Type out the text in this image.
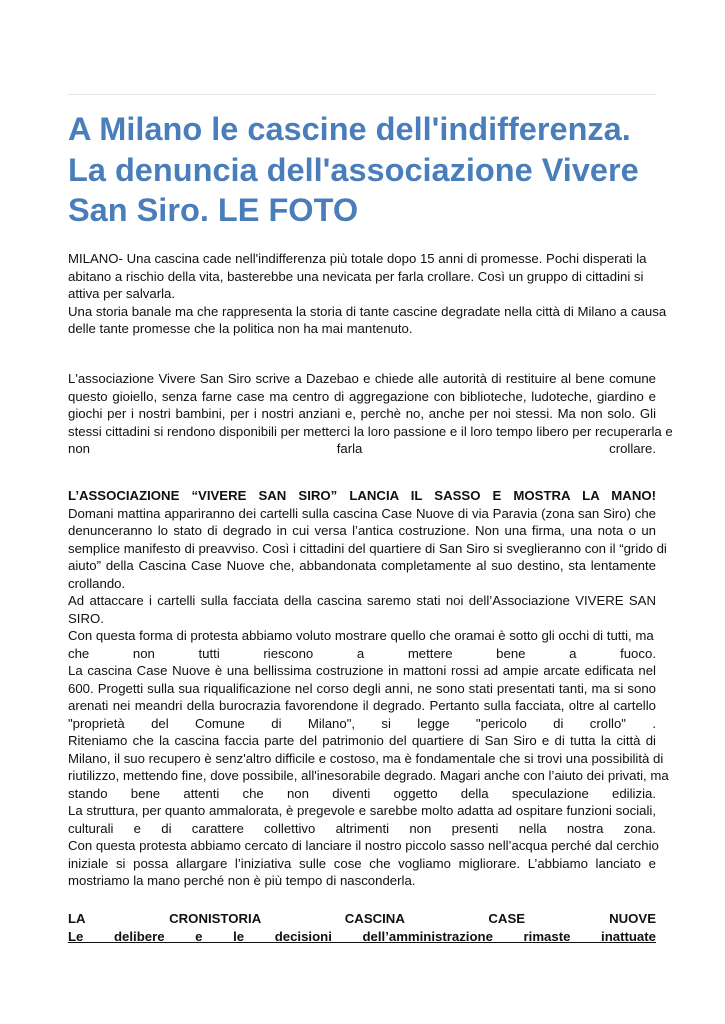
A Milano le cascine dell'indifferenza.
La denuncia dell'associazione Vivere
San Siro. LE FOTO
MILANO- Una cascina cade nell'indifferenza più totale dopo 15 anni di promesse. Pochi disperati la
abitano a rischio della vita, basterebbe una nevicata per farla crollare. Così un gruppo di cittadini si
attiva per salvarla.
Una storia banale ma che rappresenta la storia di tante cascine degradate nella città di Milano a causa
delle tante promesse che la politica non ha mai mantenuto.
L'associazione Vivere San Siro scrive a Dazebao e chiede alle autorità di restituire al bene comune
questo gioiello, senza farne case ma centro di aggregazione con biblioteche, ludoteche, giardino e
giochi per i nostri bambini, per i nostri anziani e, perchè no, anche per noi stessi. Ma non solo. Gli
stessi cittadini si rendono disponibili per metterci la loro passione e il loro tempo libero per recuperarla e
non farla crollare.
L’ASSOCIAZIONE “VIVERE SAN SIRO” LANCIA IL SASSO E MOSTRA LA MANO!
Domani mattina appariranno dei cartelli sulla cascina Case Nuove di via Paravia (zona san Siro) che
denunceranno lo stato di degrado in cui versa l’antica costruzione. Non una firma, una nota o un
semplice manifesto di preavviso. Così i cittadini del quartiere di San Siro si sveglieranno con il “grido di
aiuto” della Cascina Case Nuove che, abbandonata completamente al suo destino, sta lentamente
crollando.
Ad attaccare i cartelli sulla facciata della cascina saremo stati noi dell’Associazione VIVERE SAN
SIRO.
Con questa forma di protesta abbiamo voluto mostrare quello che oramai è sotto gli occhi di tutti, ma
che non tutti riescono a mettere bene a fuoco.
La cascina Case Nuove è una bellissima costruzione in mattoni rossi ad ampie arcate edificata nel
600. Progetti sulla sua riqualificazione nel corso degli anni, ne sono stati presentati tanti, ma si sono
arenati nei meandri della burocrazia favorendone il degrado. Pertanto sulla facciata, oltre al cartello
"proprietà del Comune di Milano", si legge "pericolo di crollo" .
Riteniamo che la cascina faccia parte del patrimonio del quartiere di San Siro e di tutta la città di
Milano, il suo recupero è senz'altro difficile e costoso, ma è fondamentale che si trovi una possibilità di
riutilizzo, mettendo fine, dove possibile, all'inesorabile degrado. Magari anche con l’aiuto dei privati, ma
stando bene attenti che non diventi oggetto della speculazione edilizia.
La struttura, per quanto ammalorata, è pregevole e sarebbe molto adatta ad ospitare funzioni sociali,
culturali e di carattere collettivo altrimenti non presenti nella nostra zona.
Con questa protesta abbiamo cercato di lanciare il nostro piccolo sasso nell’acqua perché dal cerchio
iniziale si possa allargare l’iniziativa sulle cose che vogliamo migliorare. L’abbiamo lanciato e
mostriamo la mano perché non è più tempo di nasconderla.
LA CRONISTORIA CASCINA CASE NUOVE
Le delibere e le decisioni dell’amministrazione rimaste inattuate
